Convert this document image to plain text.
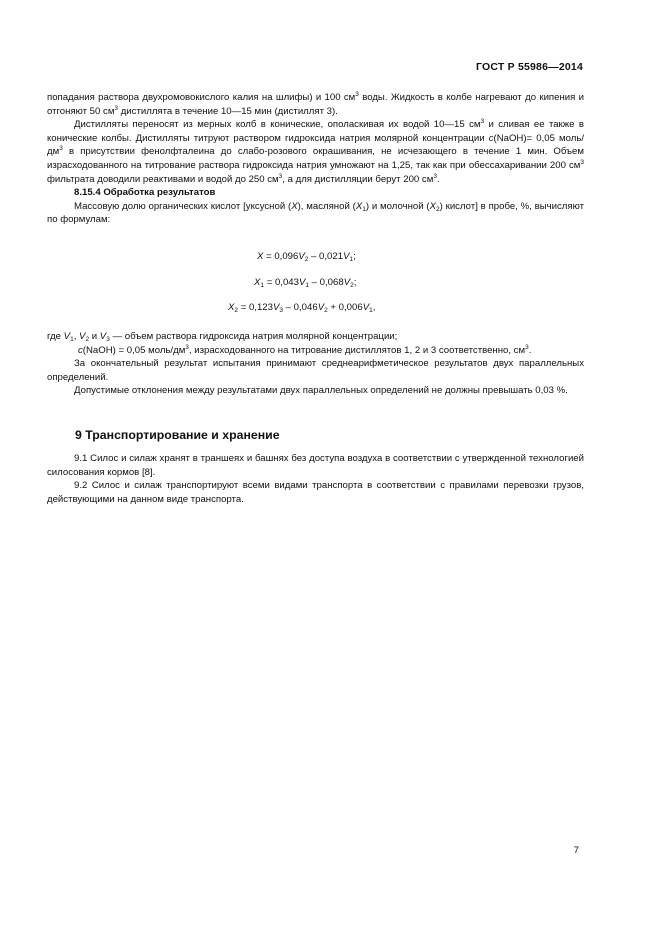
ГОСТ Р 55986—2014

попадания раствора двухромовокислого калия на шлифы) и 100 $см^3$ воды. Жидкость в колбе нагревают до кипения и отгоняют 50 $см^3$ дистиллята в течение 10—15 мин (дистиллят 3).

Дистилляты переносят из мерных колб в конические, ополаскивая их водой 10—15 $см^3$ и сливая ее также в конические колбы. Дистилляты титруют раствором гидроксида натрия молярной концентрации c(NaOH)= 0,05 моль/$дм^3$ в присутствии фенолфталеина до слабо-розового окрашивания, не исчезающего в течение 1 мин. Объем израсходованного на титрование раствора гидроксида натрия умножают на 1,25, так как при обессахаривании 200 $см^3$ фильтрата доводили реактивами и водой до 250 $см^3$, а для дистилляции берут 200 $см^3$.

8.15.4 Обработка результатов

Массовую долю органических кислот [уксусной (X), масляной $(X_1)$ и молочной $(X_2)$ кислот] в пробе, %, вычисляют по формулам:

$X = 0,096V_2 - 0,021V_1$;
$X_1 = 0,043V_1 - 0,068V_2$;
$X_2 = 0,123V_3 - 0,046V_2 + 0,006V_1$,

где $V_1$, $V_2$ и $V_3$ — объем раствора гидроксида натрия молярной концентрации;

c(NaOH) = 0,05 моль/$дм^3$, израсходованного на титрование дистиллятов 1, 2 и 3 соответственно, $см^3$.

За окончательный результат испытания принимают среднеарифметическое результатов двух параллельных определений.

Допустимые отклонения между результатами двух параллельных определений не должны превышать 0,03 %.

9 Транспортирование и хранение

9.1 Силос и силаж хранят в траншеях и башнях без доступа воздуха в соответствии с утвержденной технологией силосования кормов [8].

9.2 Силос и силаж транспортируют всеми видами транспорта в соответствии с правилами перевозки грузов, действующими на данном виде транспорта.

7
